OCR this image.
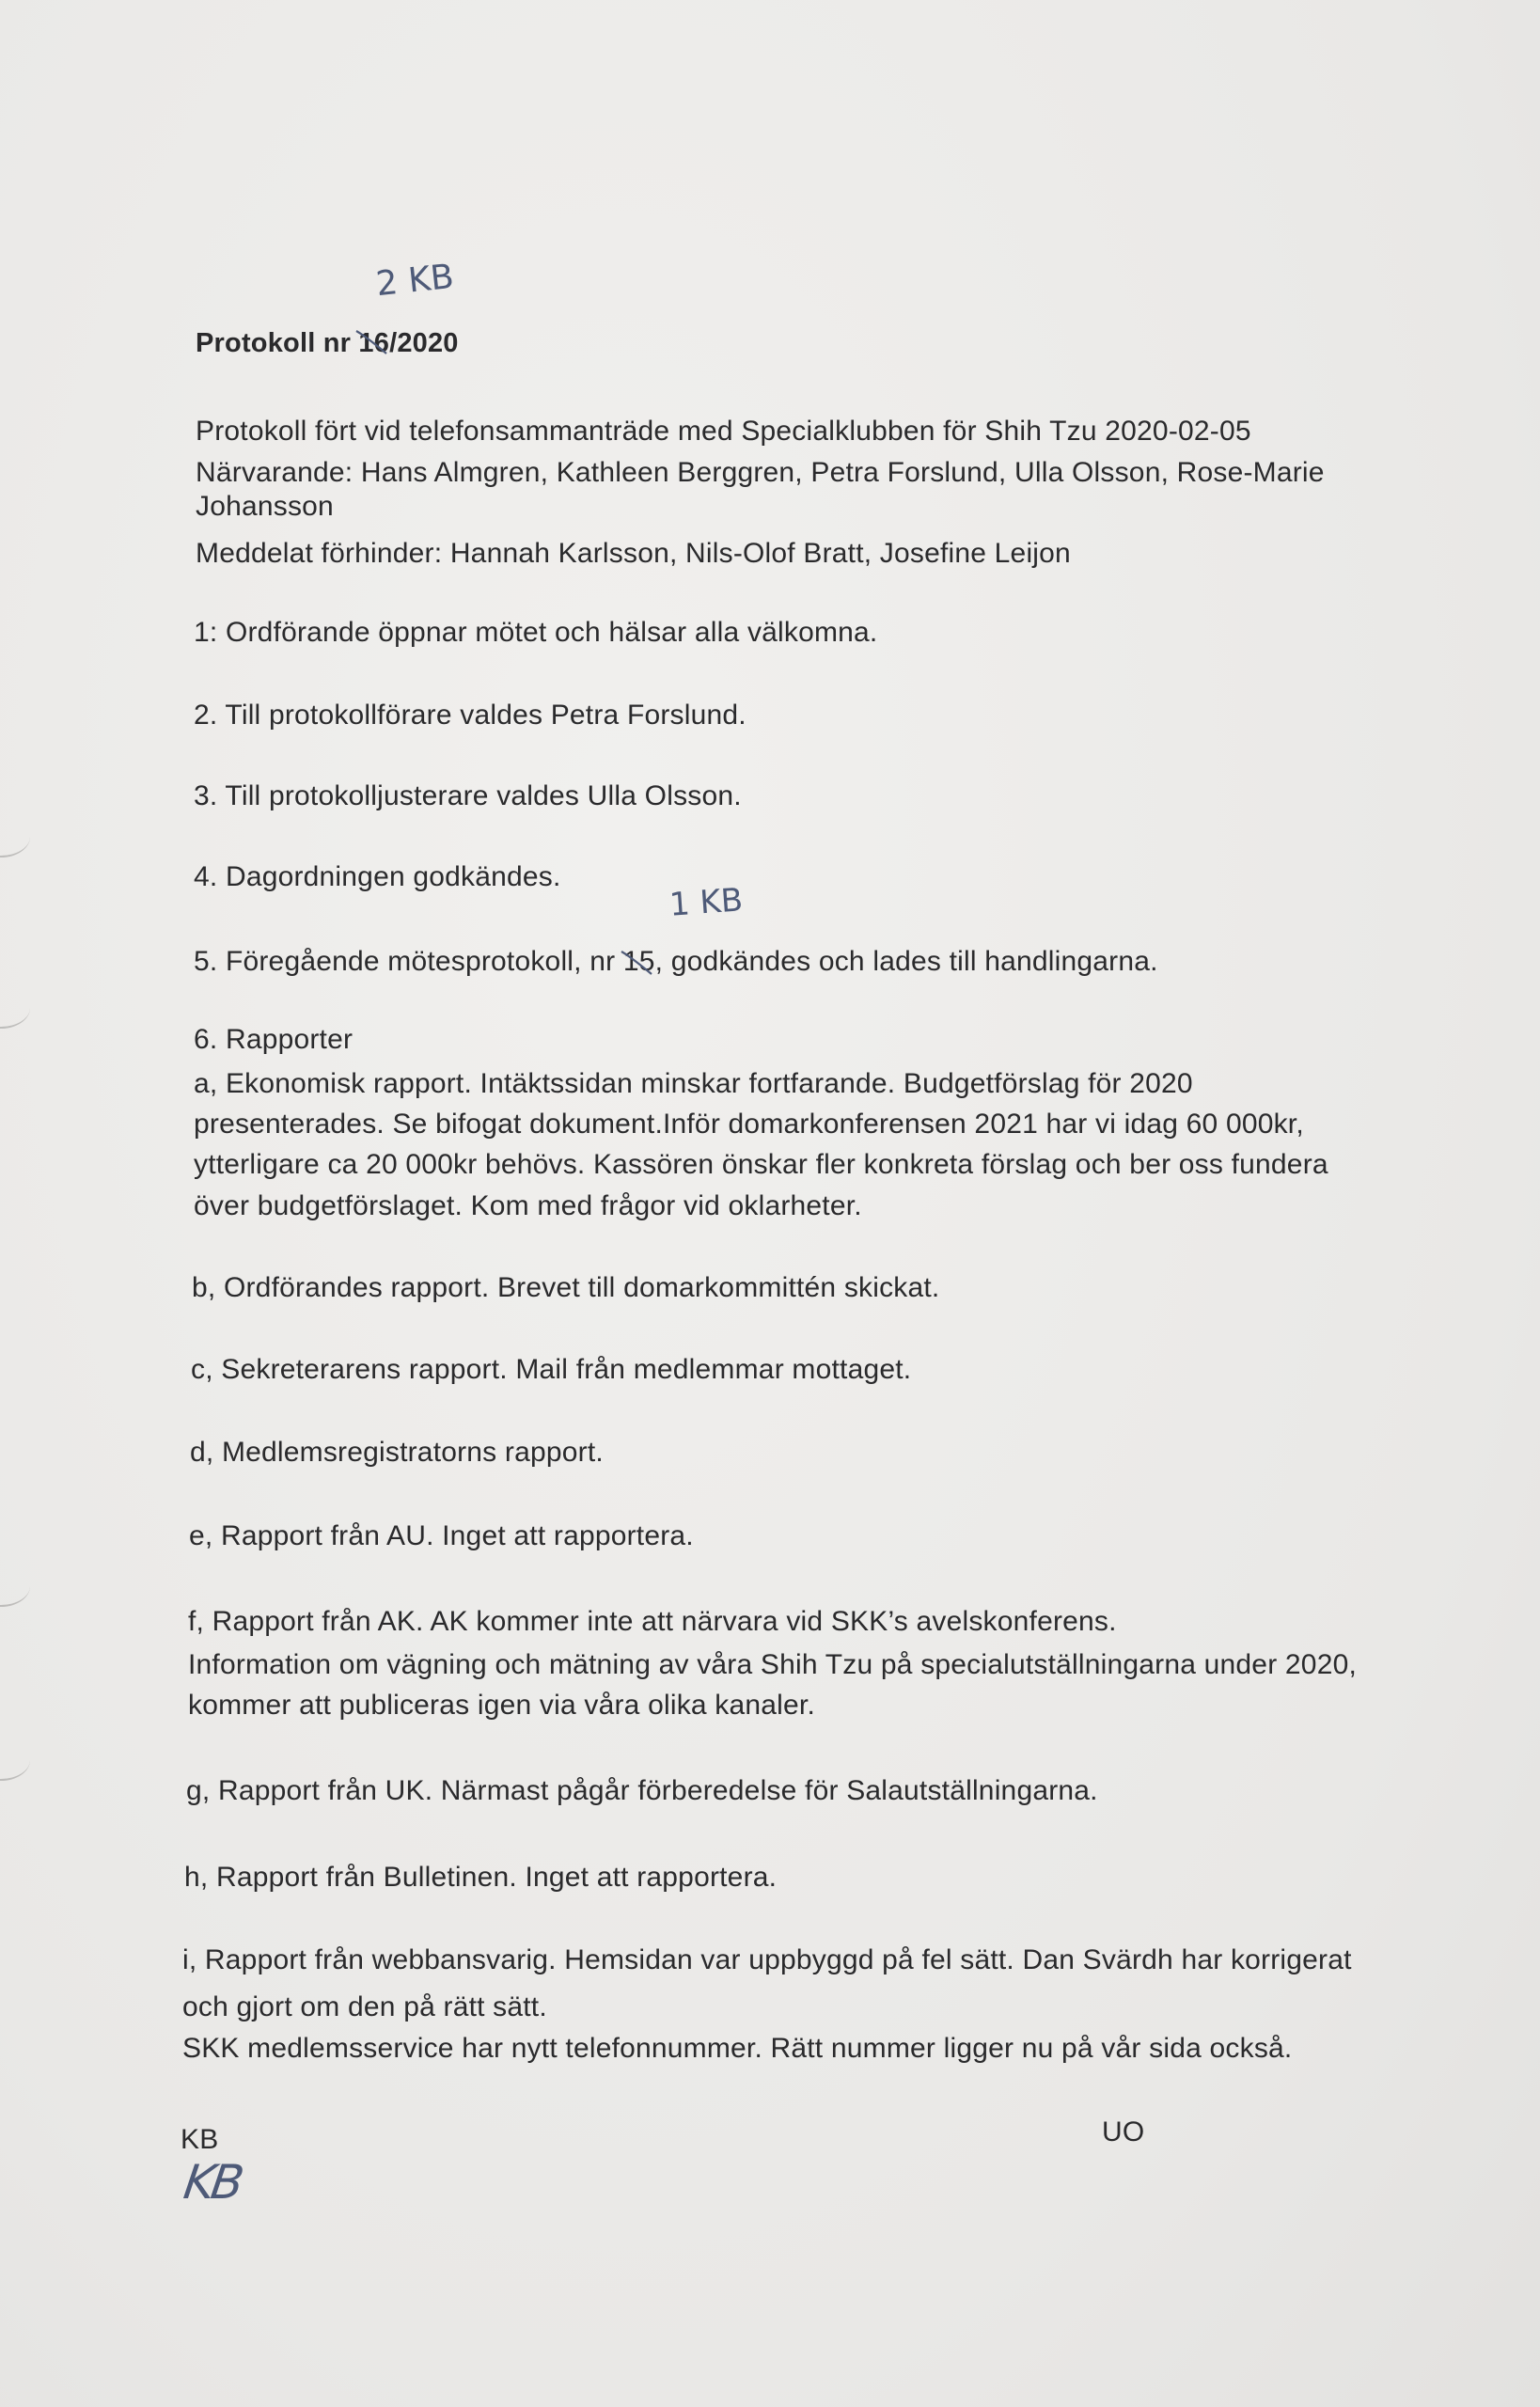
Protokoll nr 16
/2020
2 KB
Protokoll fört vid telefonsammanträde med Specialklubben för Shih Tzu 2020-02-05
Närvarande: Hans Almgren, Kathleen Berggren, Petra Forslund, Ulla Olsson, Rose-Marie
Johansson
Meddelat förhinder: Hannah Karlsson, Nils-Olof Bratt, Josefine Leijon
1: Ordförande öppnar mötet och hälsar alla välkomna.
2. Till protokollförare valdes Petra Forslund.
3. Till protokolljusterare valdes Ulla Olsson.
4. Dagordningen godkändes.
5. Föregående mötesprotokoll, nr 15
, godkändes och lades till handlingarna.
1 KB
6. Rapporter
a, Ekonomisk rapport. Intäktssidan minskar fortfarande. Budgetförslag för 2020
presenterades. Se bifogat dokument.Inför domarkonferensen 2021 har vi idag 60 000kr,
ytterligare ca 20 000kr behövs. Kassören önskar fler konkreta förslag och ber oss fundera
över budgetförslaget. Kom med frågor vid oklarheter.
b, Ordförandes rapport. Brevet till domarkommittén skickat.
c, Sekreterarens rapport. Mail från medlemmar mottaget.
d, Medlemsregistratorns rapport.
e, Rapport från AU. Inget att rapportera.
f, Rapport från AK. AK kommer inte att närvara vid SKK’s avelskonferens.
Information om vägning och mätning av våra Shih Tzu på specialutställningarna under 2020,
kommer att publiceras igen via våra olika kanaler.
g, Rapport från UK. Närmast pågår förberedelse för Salautställningarna.
h, Rapport från Bulletinen. Inget att rapportera.
i, Rapport från webbansvarig. Hemsidan var uppbyggd på fel sätt. Dan Svärdh har korrigerat
och gjort om den på rätt sätt.
SKK medlemsservice har nytt telefonnummer. Rätt nummer ligger nu på vår sida också.
KB	UO
KB
